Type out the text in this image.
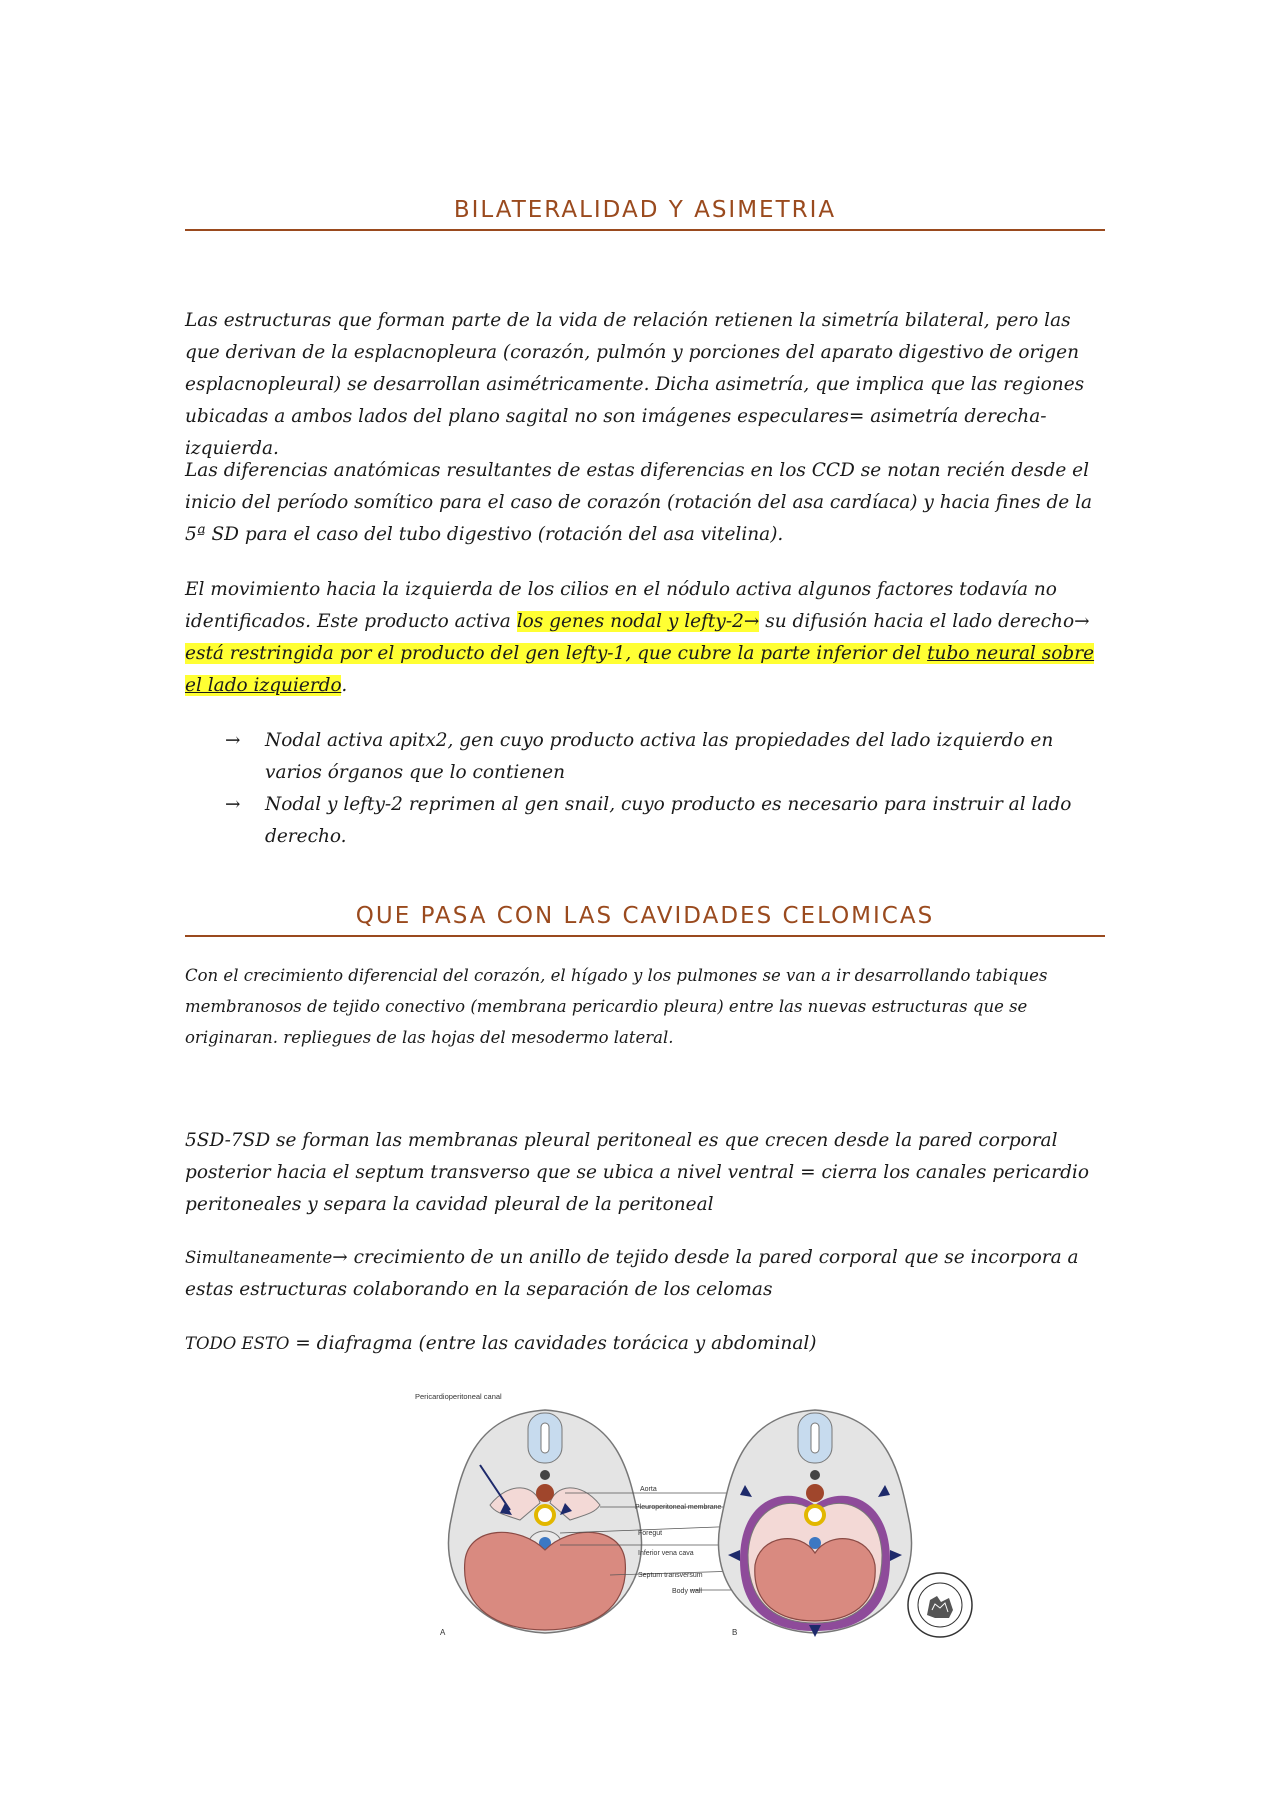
BILATERALIDAD Y ASIMETRIA
Las estructuras que forman parte de la vida de relación retienen la simetría bilateral, pero las que derivan de la esplacnopleura (corazón, pulmón y porciones del aparato digestivo de origen esplacnopleural) se desarrollan asimétricamente. Dicha asimetría, que implica que las regiones ubicadas a ambos lados del plano sagital no son imágenes especulares= asimetría derecha-izquierda.
Las diferencias anatómicas resultantes de estas diferencias en los CCD se notan recién desde el inicio del período somítico para el caso de corazón (rotación del asa cardíaca) y hacia fines de la 5ª SD para el caso del tubo digestivo (rotación del asa vitelina).
El movimiento hacia la izquierda de los cilios en el nódulo activa algunos factores todavía no identificados. Este producto activa los genes nodal y lefty-2→ su difusión hacia el lado derecho→ está restringida por el producto del gen lefty-1, que cubre la parte inferior del tubo neural sobre el lado izquierdo.
→ Nodal activa apitx2, gen cuyo producto activa las propiedades del lado izquierdo en varios órganos que lo contienen
→ Nodal y lefty-2 reprimen al gen snail, cuyo producto es necesario para instruir al lado derecho.
QUE PASA CON LAS CAVIDADES CELOMICAS
Con el crecimiento diferencial del corazón, el hígado y los pulmones se van a ir desarrollando tabiques membranosos de tejido conectivo (membrana pericardio pleura) entre las nuevas estructuras que se originaran. repliegues de las hojas del mesodermo lateral.
5SD-7SD se forman las membranas pleural peritoneal es que crecen desde la pared corporal posterior hacia el septum transverso que se ubica a nivel ventral = cierra los canales pericardio peritoneales y separa la cavidad pleural de la peritoneal
Simultaneamente→ crecimiento de un anillo de tejido desde la pared corporal que se incorpora a estas estructuras colaborando en la separación de los celomas
TODO ESTO = diafragma (entre las cavidades torácica y abdominal)
Pericardioperitoneal canal
A
Aorta
Pleuroperitoneal membrane
Foregut
Inferior vena cava
Septum transversum
Body wall
B
